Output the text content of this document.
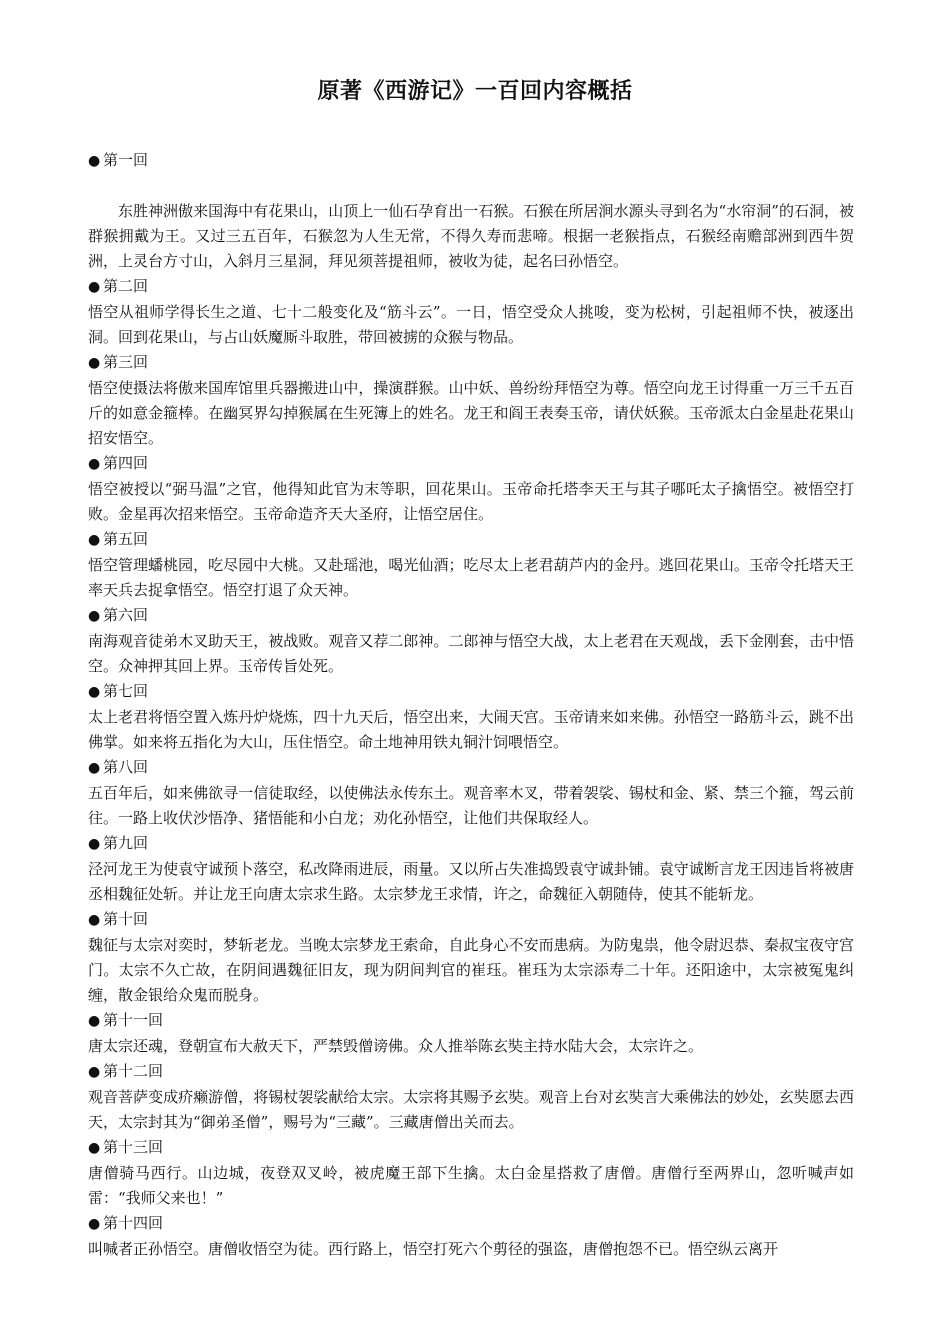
原著《西游记》一百回内容概括
● 第一回

东胜神洲傲来国海中有花果山，山顶上一仙石孕育出一石猴。石猴在所居涧水源头寻到名为“水帘洞”的石洞，被群猴拥戴为王。又过三五百年，石猴忽为人生无常，不得久寿而悲啼。根据一老猴指点，石猴经南赡部洲到西牛贺洲，上灵台方寸山，入斜月三星洞，拜见须菩提祖师，被收为徒，起名曰孙悟空。

● 第二回

悟空从祖师学得长生之道、七十二般变化及“筋斗云”。一日，悟空受众人挑唆，变为松树，引起祖师不快，被逐出洞。回到花果山，与占山妖魔厮斗取胜，带回被掳的众猴与物品。

● 第三回

悟空使摄法将傲来国库馆里兵器搬进山中，操演群猴。山中妖、兽纷纷拜悟空为尊。悟空向龙王讨得重一万三千五百斤的如意金箍棒。在幽冥界勾掉猴属在生死簿上的姓名。龙王和阎王表奏玉帝，请伏妖猴。玉帝派太白金星赴花果山招安悟空。

● 第四回

悟空被授以“弼马温”之官，他得知此官为末等职，回花果山。玉帝命托塔李天王与其子哪吒太子擒悟空。被悟空打败。金星再次招来悟空。玉帝命造齐天大圣府，让悟空居住。

● 第五回

悟空管理蟠桃园，吃尽园中大桃。又赴瑶池，喝光仙酒；吃尽太上老君葫芦内的金丹。逃回花果山。玉帝令托塔天王率天兵去捉拿悟空。悟空打退了众天神。

● 第六回

南海观音徒弟木叉助天王，被战败。观音又荐二郎神。二郎神与悟空大战，太上老君在天观战，丢下金刚套，击中悟空。众神押其回上界。玉帝传旨处死。

● 第七回

太上老君将悟空置入炼丹炉烧炼，四十九天后，悟空出来，大闹天宫。玉帝请来如来佛。孙悟空一路筋斗云，跳不出佛掌。如来将五指化为大山，压住悟空。命土地神用铁丸铜汁饲喂悟空。

● 第八回

五百年后，如来佛欲寻一信徒取经，以使佛法永传东土。观音率木叉，带着袈裟、锡杖和金、紧、禁三个箍，驾云前往。一路上收伏沙悟净、猪悟能和小白龙；劝化孙悟空，让他们共保取经人。

● 第九回

泾河龙王为使袁守诚预卜落空，私改降雨进辰，雨量。又以所占失准捣毁袁守诚卦铺。袁守诚断言龙王因违旨将被唐丞相魏征处斩。并让龙王向唐太宗求生路。太宗梦龙王求情，许之，命魏征入朝随侍，使其不能斩龙。

● 第十回

魏征与太宗对奕时，梦斩老龙。当晚太宗梦龙王索命，自此身心不安而患病。为防鬼祟，他令尉迟恭、秦叔宝夜守宫门。太宗不久亡故，在阴间遇魏征旧友，现为阴间判官的崔珏。崔珏为太宗添寿二十年。还阳途中，太宗被冤鬼纠缠，散金银给众鬼而脱身。

● 第十一回

唐太宗还魂，登朝宣布大赦天下，严禁毁僧谤佛。众人推举陈玄奘主持水陆大会，太宗许之。

● 第十二回

观音菩萨变成疥癞游僧，将锡杖袈裟献给太宗。太宗将其赐予玄奘。观音上台对玄奘言大乘佛法的妙处，玄奘愿去西天，太宗封其为“御弟圣僧”，赐号为“三藏”。三藏唐僧出关而去。

● 第十三回

唐僧骑马西行。山边城，夜登双叉岭，被虎魔王部下生擒。太白金星搭救了唐僧。唐僧行至两界山，忽听喊声如雷：“我师父来也！”

● 第十四回

叫喊者正孙悟空。唐僧收悟空为徒。西行路上，悟空打死六个剪径的强盗，唐僧抱怨不已。悟空纵云离开
